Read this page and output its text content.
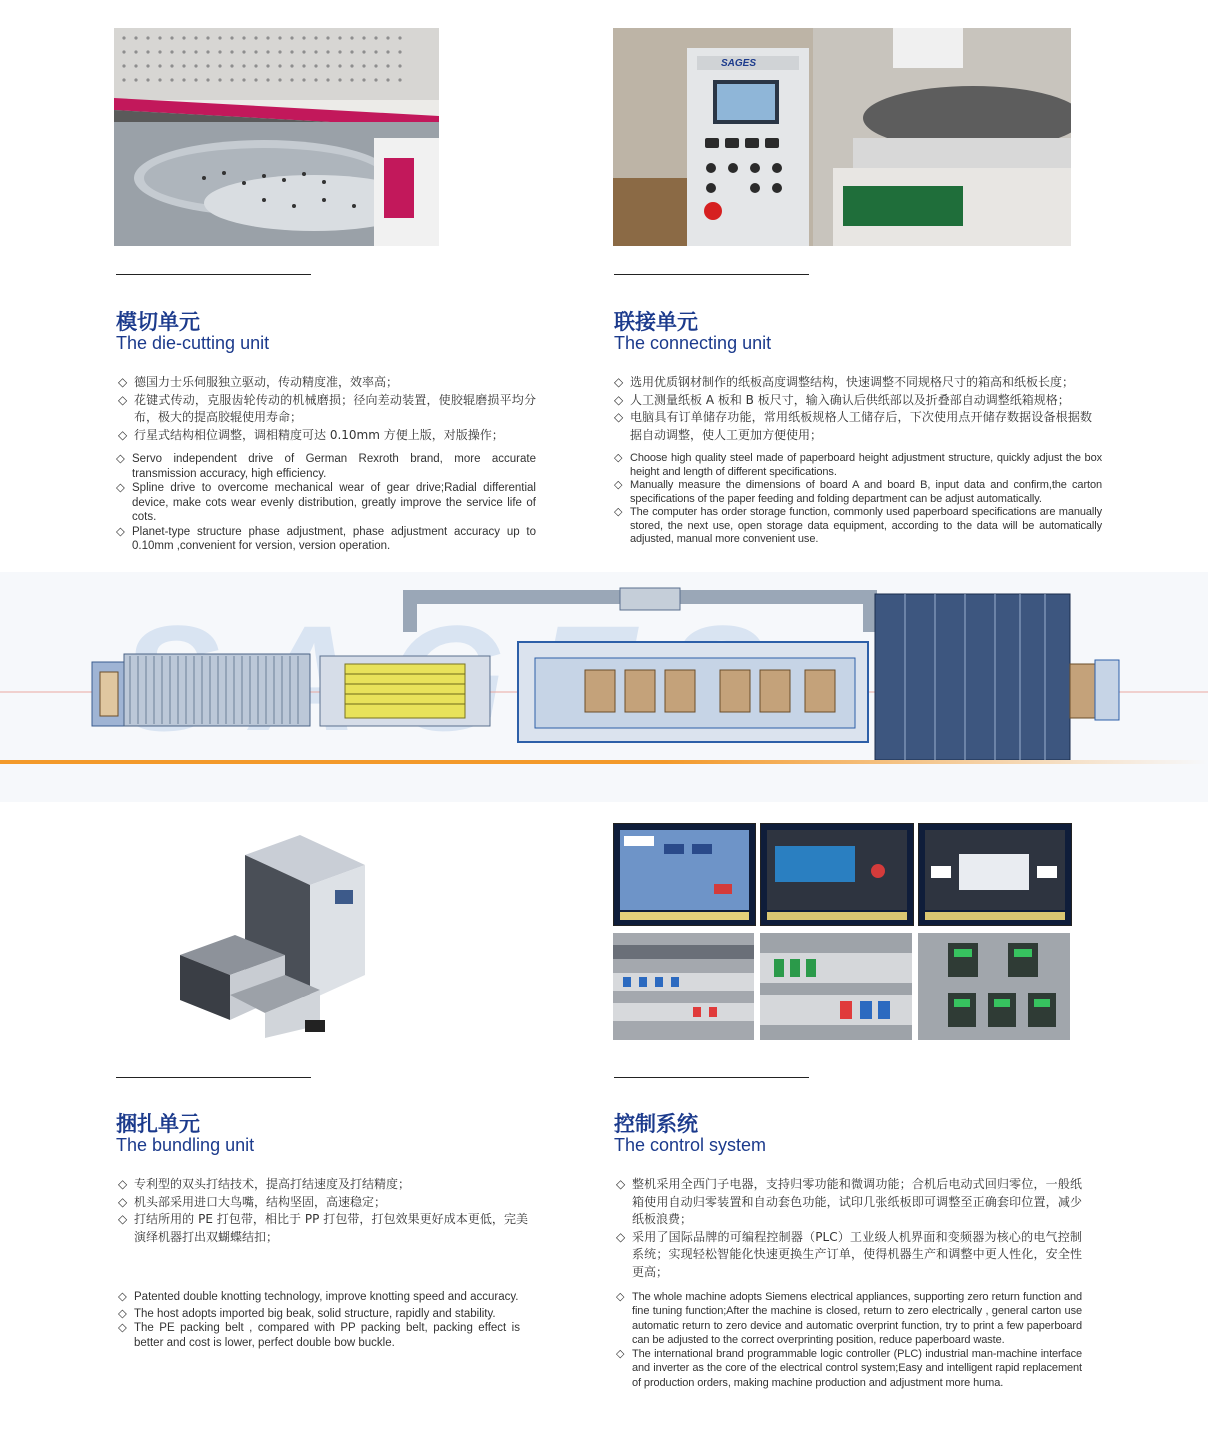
SAGES
模切单元
The die-cutting unit
◇ 德国力士乐伺服独立驱动，传动精度准，效率高；
◇ 花键式传动，克服齿轮传动的机械磨损；径向差动装置，使胶辊磨损平均分布，极大的提高胶辊使用寿命；
◇ 行星式结构相位调整，调相精度可达 0.10mm 方便上版，对版操作；
◇ Servo independent drive of German Rexroth brand, more accurate transmission accuracy, high efficiency.
◇ Spline drive to overcome mechanical wear of gear drive;Radial differential device, make cots wear evenly distribution, greatly improve the service life of cots.
◇ Planet-type structure phase adjustment, phase adjustment accuracy up to 0.10mm ,convenient for version, version operation.
联接单元
The connecting unit
◇ 选用优质钢材制作的纸板高度调整结构，快速调整不同规格尺寸的箱高和纸板长度；
◇ 人工测量纸板 A 板和 B 板尺寸，输入确认后供纸部以及折叠部自动调整纸箱规格；
◇ 电脑具有订单储存功能，常用纸板规格人工储存后，下次使用点开储存数据设备根据数据自动调整，使人工更加方便使用；
◇ Choose high quality steel made of paperboard height adjustment structure, quickly adjust the box height and length of different specifications.
◇ Manually measure the dimensions of board A and board B, input data and confirm,the carton specifications of the paper feeding and folding department can be adjust automatically.
◇ The computer has order storage function, commonly used paperboard specifications are manually stored, the next use, open storage data equipment, according to the data will be automatically adjusted, manual more convenient use.
捆扎单元
The bundling unit
◇ 专利型的双头打结技术，提高打结速度及打结精度；
◇ 机头部采用进口大鸟嘴，结构坚固，高速稳定；
◇ 打结所用的 PE 打包带，相比于 PP 打包带，打包效果更好成本更低，完美演绎机器打出双蝴蝶结扣；
◇ Patented double knotting technology, improve knotting speed and accuracy.
◇ The host adopts imported big beak, solid structure, rapidly and stability.
◇ The PE packing belt , compared with PP packing belt, packing effect is better and cost is lower, perfect double bow buckle.
控制系统
The control system
◇ 整机采用全西门子电器，支持归零功能和微调功能；合机后电动式回归零位，一般纸箱使用自动归零装置和自动套色功能，试印几张纸板即可调整至正确套印位置，减少纸板浪费；
◇ 采用了国际品牌的可编程控制器（PLC）工业级人机界面和变频器为核心的电气控制系统；实现轻松智能化快速更换生产订单，使得机器生产和调整中更人性化，安全性更高；
◇ The whole machine adopts Siemens electrical appliances, supporting zero return function and fine tuning function;After the machine is closed, return to zero electrically , general carton use automatic return to zero device and automatic overprint function, try to print a few paperboard can be adjusted to the correct overprinting position, reduce paperboard waste.
◇ The international brand programmable logic controller (PLC) industrial man-machine interface and inverter as the core of the electrical control system;Easy and intelligent rapid replacement of production orders, making machine production and adjustment more huma.
